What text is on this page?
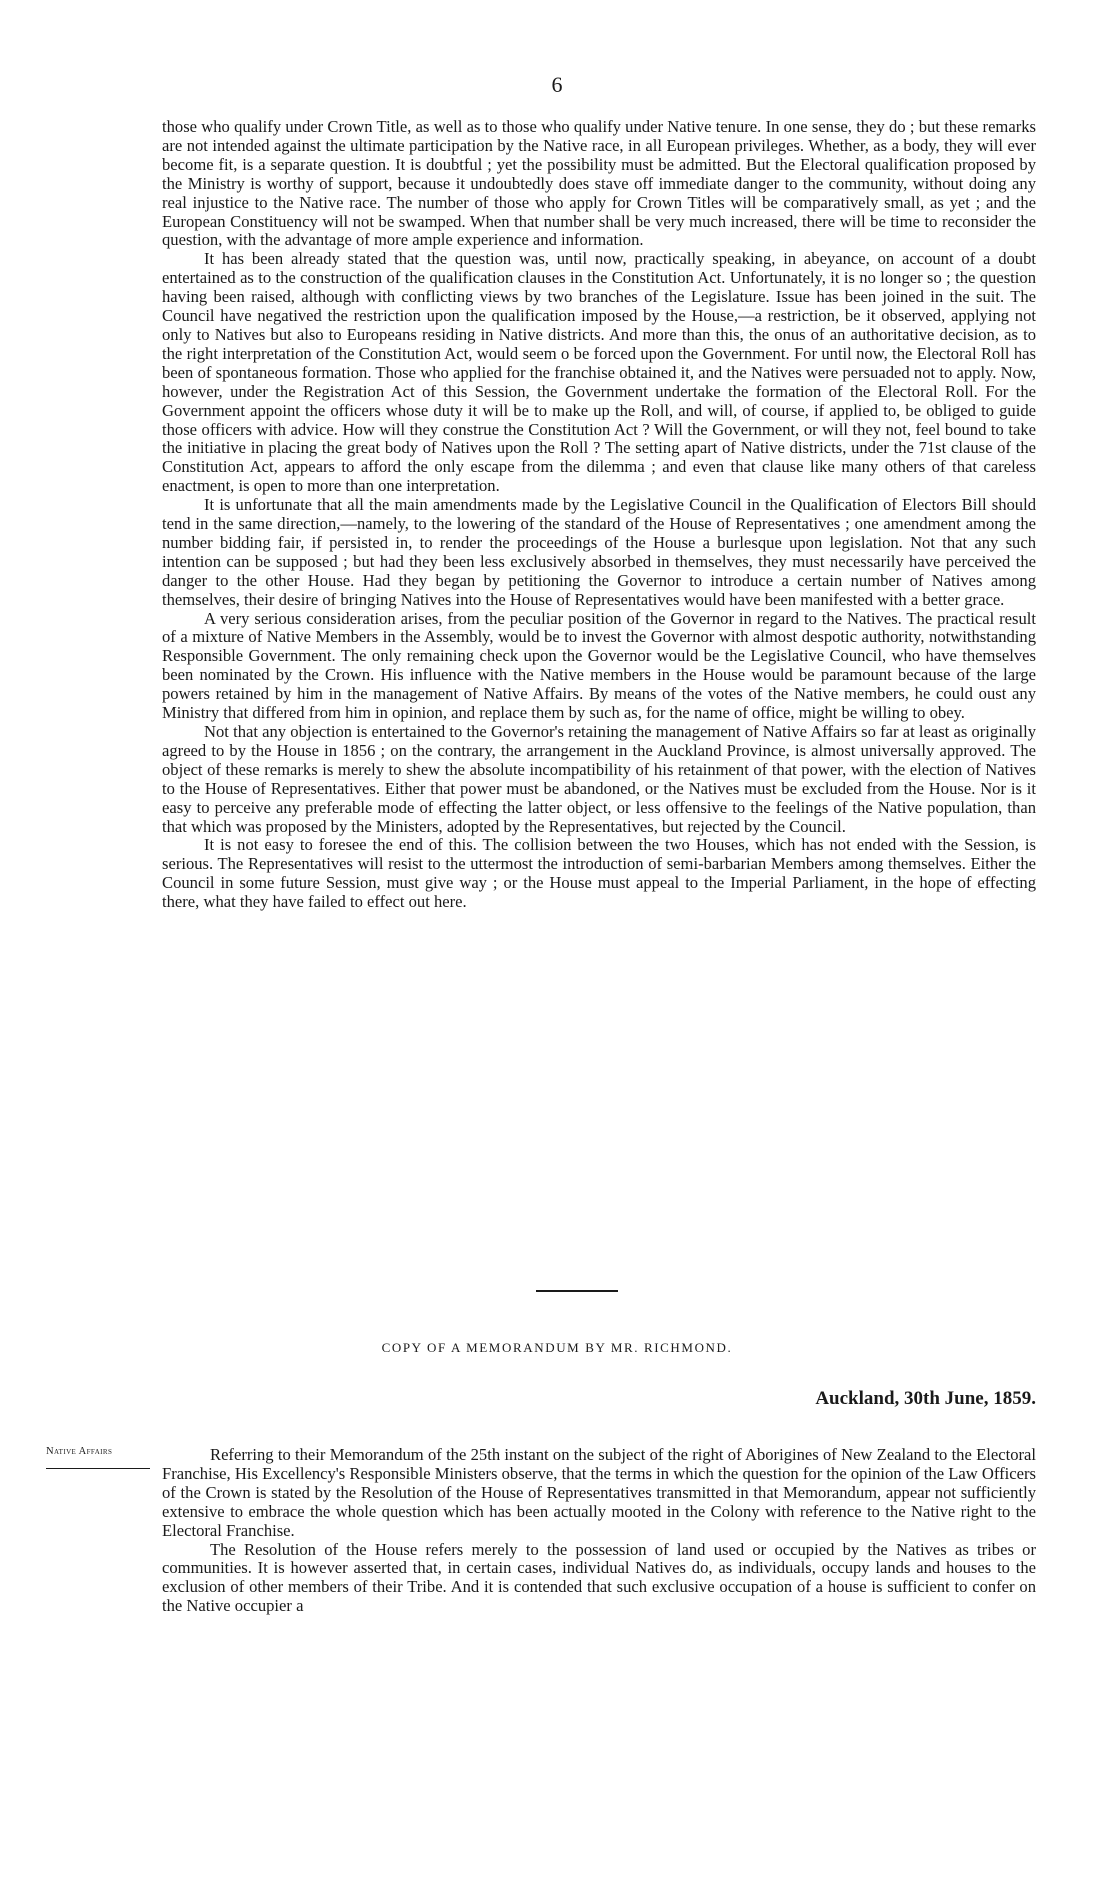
6

those who qualify under Crown Title, as well as to those who qualify under Native tenure. In one sense, they do ; but these remarks are not intended against the ultimate participation by the Native race, in all European privileges. Whether, as a body, they will ever become fit, is a separate question. It is doubtful ; yet the possibility must be admitted. But the Electoral qualification proposed by the Ministry is worthy of support, because it undoubtedly does stave off immediate danger to the community, without doing any real injustice to the Native race. The number of those who apply for Crown Titles will be comparatively small, as yet ; and the European Constituency will not be swamped. When that number shall be very much increased, there will be time to reconsider the question, with the advantage of more ample experience and information.

It has been already stated that the question was, until now, practically speaking, in abeyance, on account of a doubt entertained as to the construction of the qualification clauses in the Constitution Act. Unfortunately, it is no longer so ; the question having been raised, although with conflicting views by two branches of the Legislature. Issue has been joined in the suit. The Council have negatived the restriction upon the qualification imposed by the House,—a restriction, be it observed, applying not only to Natives but also to Europeans residing in Native districts. And more than this, the onus of an authoritative decision, as to the right interpretation of the Constitution Act, would seem o be forced upon the Government. For until now, the Electoral Roll has been of spontaneous formation. Those who applied for the franchise obtained it, and the Natives were persuaded not to apply. Now, however, under the Registration Act of this Session, the Government undertake the formation of the Electoral Roll. For the Government appoint the officers whose duty it will be to make up the Roll, and will, of course, if applied to, be obliged to guide those officers with advice. How will they construe the Constitution Act ? Will the Government, or will they not, feel bound to take the initiative in placing the great body of Natives upon the Roll ? The setting apart of Native districts, under the 71st clause of the Constitution Act, appears to afford the only escape from the dilemma ; and even that clause like many others of that careless enactment, is open to more than one interpretation.

It is unfortunate that all the main amendments made by the Legislative Council in the Qualification of Electors Bill should tend in the same direction,—namely, to the lowering of the standard of the House of Representatives ; one amendment among the number bidding fair, if persisted in, to render the proceedings of the House a burlesque upon legislation. Not that any such intention can be supposed ; but had they been less exclusively absorbed in themselves, they must necessarily have perceived the danger to the other House. Had they began by petitioning the Governor to introduce a certain number of Natives among themselves, their desire of bringing Natives into the House of Representatives would have been manifested with a better grace.

A very serious consideration arises, from the peculiar position of the Governor in regard to the Natives. The practical result of a mixture of Native Members in the Assembly, would be to invest the Governor with almost despotic authority, notwithstanding Responsible Government. The only remaining check upon the Governor would be the Legislative Council, who have themselves been nominated by the Crown. His influence with the Native members in the House would be paramount because of the large powers retained by him in the management of Native Affairs. By means of the votes of the Native members, he could oust any Ministry that differed from him in opinion, and replace them by such as, for the name of office, might be willing to obey.

Not that any objection is entertained to the Governor's retaining the management of Native Affairs so far at least as originally agreed to by the House in 1856 ; on the contrary, the arrangement in the Auckland Province, is almost universally approved. The object of these remarks is merely to shew the absolute incompatibility of his retainment of that power, with the election of Natives to the House of Representatives. Either that power must be abandoned, or the Natives must be excluded from the House. Nor is it easy to perceive any preferable mode of effecting the latter object, or less offensive to the feelings of the Native population, than that which was proposed by the Ministers, adopted by the Representatives, but rejected by the Council.

It is not easy to foresee the end of this. The collision between the two Houses, which has not ended with the Session, is serious. The Representatives will resist to the uttermost the introduction of semi-barbarian Members among themselves. Either the Council in some future Session, must give way ; or the House must appeal to the Imperial Parliament, in the hope of effecting there, what they have failed to effect out here.

COPY OF A MEMORANDUM BY MR. RICHMOND.
Auckland, 30th June, 1859.
Native Affairs	Referring to their Memorandum of the 25th instant on the subject of the right of Aborigines of New Zealand to the Electoral Franchise, His Excellency's Responsible Ministers observe, that the terms in which the question for the opinion of the Law Officers of the Crown is stated by the Resolution of the House of Representatives transmitted in that Memorandum, appear not sufficiently extensive to embrace the whole question which has been actually mooted in the Colony with reference to the Native right to the Electoral Franchise.

The Resolution of the House refers merely to the possession of land used or occupied by the Natives as tribes or communities. It is however asserted that, in certain cases, individual Natives do, as individuals, occupy lands and houses to the exclusion of other members of their Tribe. And it is contended that such exclusive occupation of a house is sufficient to confer on the Native occupier a
